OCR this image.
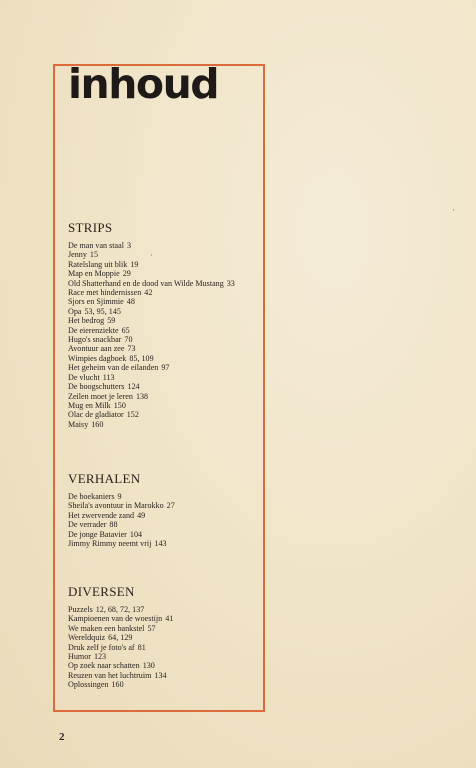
inhoud
STRIPS
De man van staal 3
Jenny 15
Ratelslang uit blik 19
Map en Moppie 29
Old Shatterhand en de dood van Wilde Mustang 33
Race met hindernissen 42
Sjors en Sjimmie 48
Opa 53, 95, 145
Het bedrog 59
De eierenziekte 65
Hugo's snackbar 70
Avontuur aan zee 73
Wimpies dagboek 85, 109
Het geheim van de eilanden 97
De vlucht 113
De boogschutters 124
Zeilen moet je leren 138
Mug en Milk 150
Olac de gladiator 152
Maisy 160
VERHALEN
De boekaniers 9
Sheila's avontuur in Marokko 27
Het zwervende zand 49
De verrader 88
De jonge Batavier 104
Jimmy Rimmy neemt vrij 143
DIVERSEN
Puzzels 12, 68, 72, 137
Kampioenen van de woestijn 41
We maken een bankstel 57
Wereldquiz 64, 129
Druk zelf je foto's af 81
Humor 123
Op zoek naar schatten 130
Reuzen van het luchtruim 134
Oplossingen 160
2
·
·
